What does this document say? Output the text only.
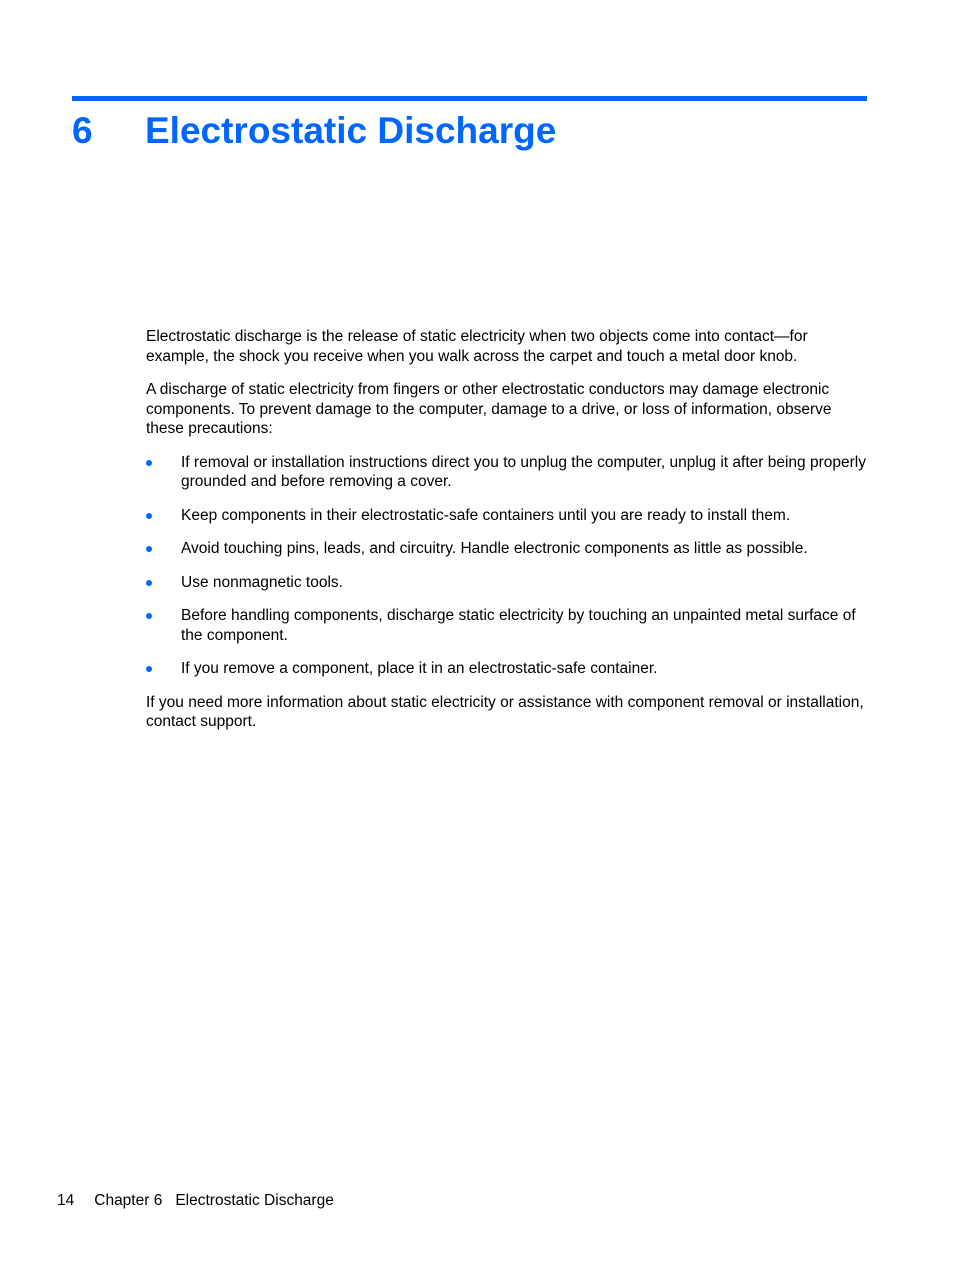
6	Electrostatic Discharge

Electrostatic discharge is the release of static electricity when two objects come into contact—for example, the shock you receive when you walk across the carpet and touch a metal door knob.

A discharge of static electricity from fingers or other electrostatic conductors may damage electronic components. To prevent damage to the computer, damage to a drive, or loss of information, observe these precautions:

If removal or installation instructions direct you to unplug the computer, unplug it after being properly grounded and before removing a cover.
Keep components in their electrostatic-safe containers until you are ready to install them.
Avoid touching pins, leads, and circuitry. Handle electronic components as little as possible.
Use nonmagnetic tools.
Before handling components, discharge static electricity by touching an unpainted metal surface of the component.
If you remove a component, place it in an electrostatic-safe container.

If you need more information about static electricity or assistance with component removal or installation, contact support.

14 Chapter 6 Electrostatic Discharge
